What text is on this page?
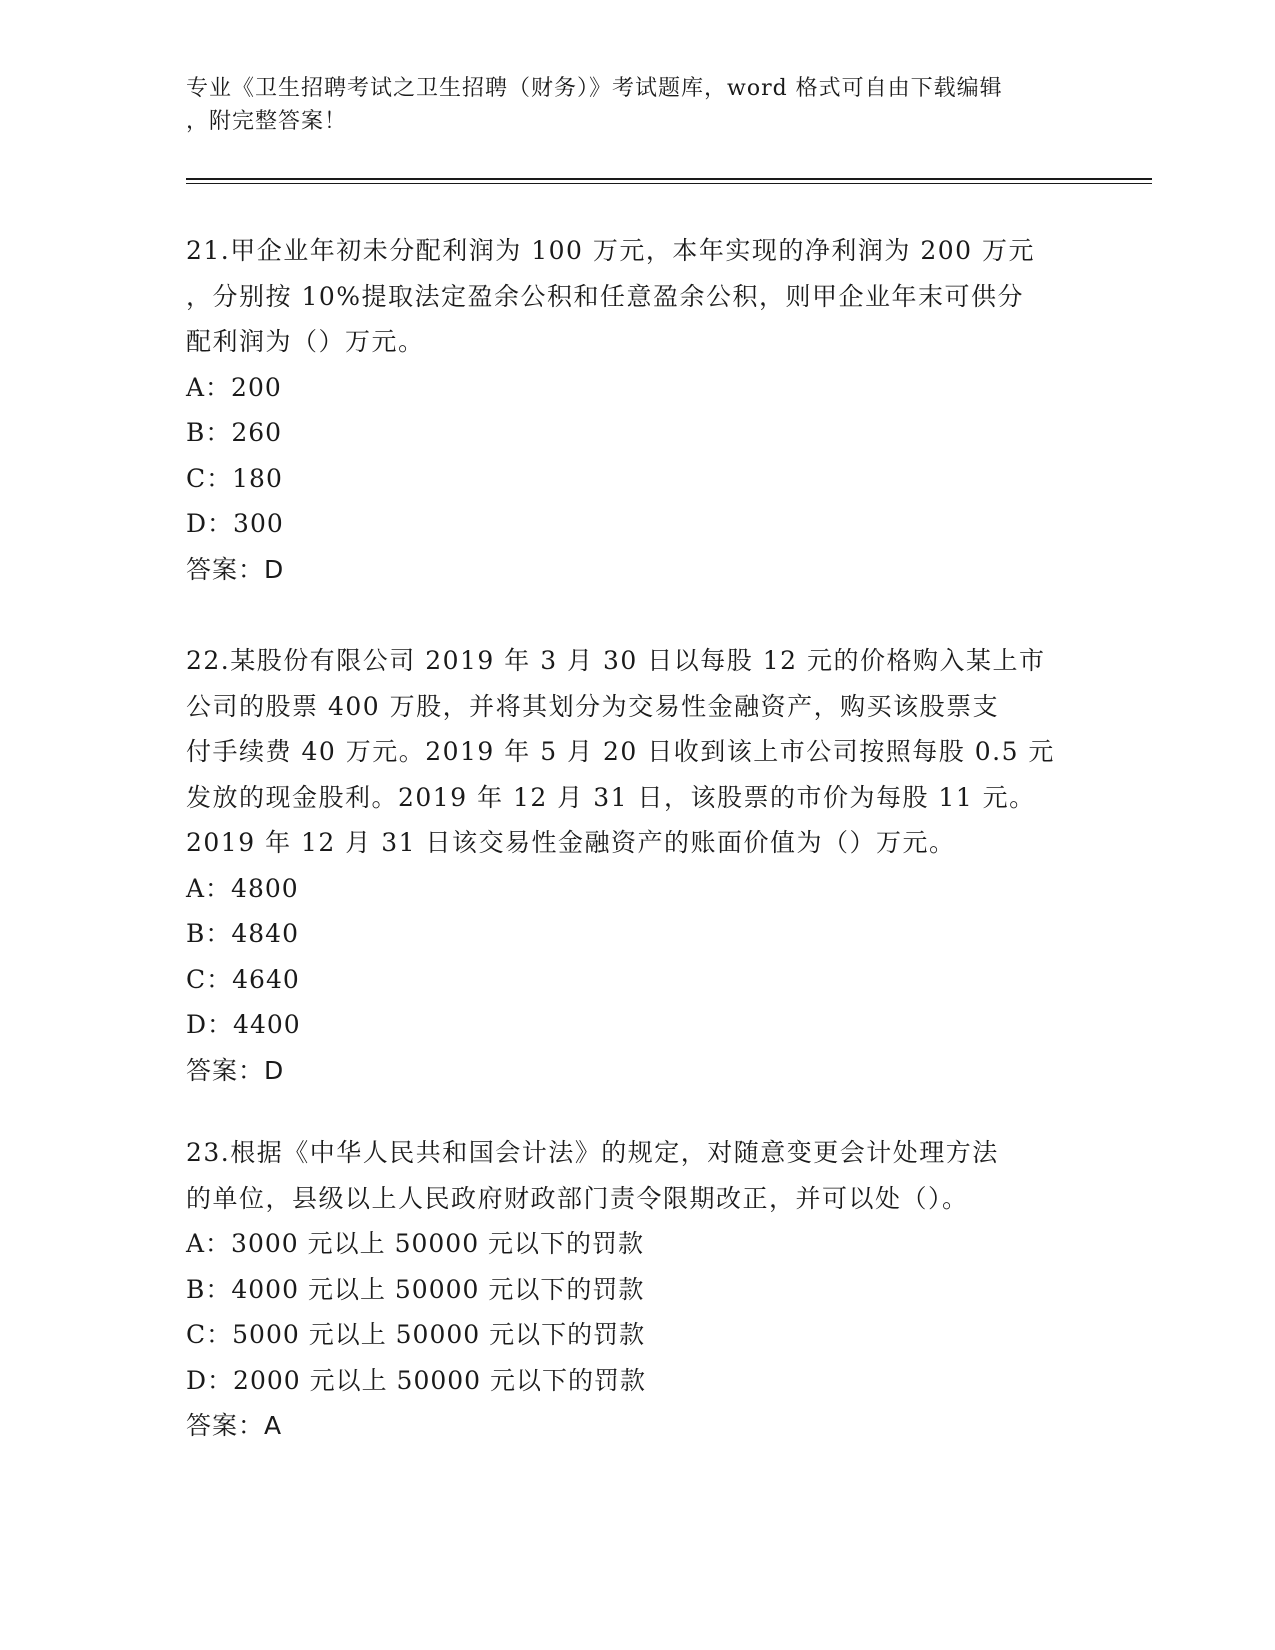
专业《卫生招聘考试之卫生招聘（财务）》考试题库，word 格式可自由下载编辑
，附完整答案！
21.甲企业年初未分配利润为 100 万元，本年实现的净利润为 200 万元
，分别按 10%提取法定盈余公积和任意盈余公积，则甲企业年末可供分
配利润为（）万元。
A：200
B：260
C：180
D：300
答案：D
22.某股份有限公司 2019 年 3 月 30 日以每股 12 元的价格购入某上市
公司的股票 400 万股，并将其划分为交易性金融资产，购买该股票支
付手续费 40 万元。2019 年 5 月 20 日收到该上市公司按照每股 0.5 元
发放的现金股利。2019 年 12 月 31 日，该股票的市价为每股 11 元。
2019 年 12 月 31 日该交易性金融资产的账面价值为（）万元。
A：4800
B：4840
C：4640
D：4400
答案：D
23.根据《中华人民共和国会计法》的规定，对随意变更会计处理方法
的单位，县级以上人民政府财政部门责令限期改正，并可以处（）。
A：3000 元以上 50000 元以下的罚款
B：4000 元以上 50000 元以下的罚款
C：5000 元以上 50000 元以下的罚款
D：2000 元以上 50000 元以下的罚款
答案：A
